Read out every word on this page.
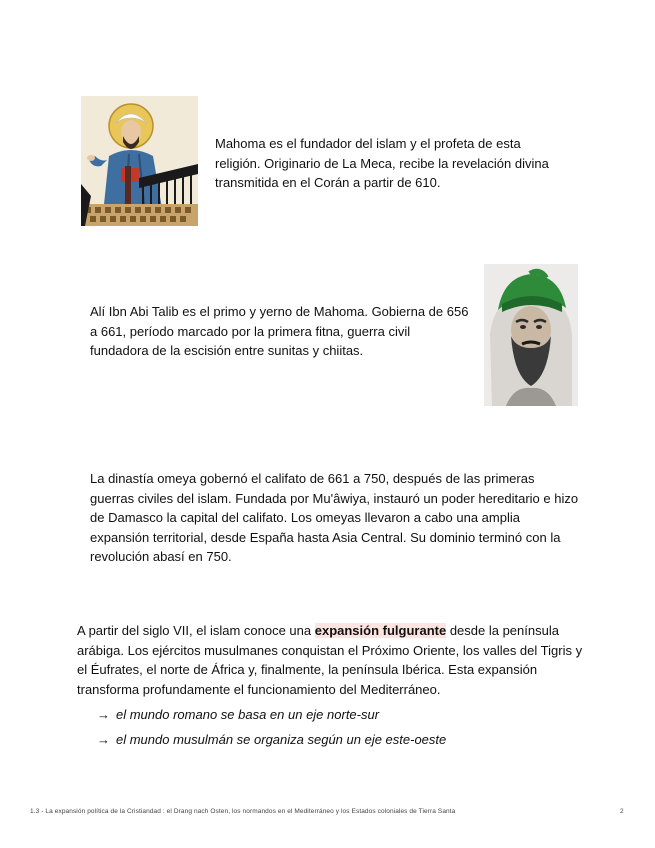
Mahoma es el fundador del islam y el profeta de esta religión. Originario de La Meca, recibe la revelación divina transmitida en el Corán a partir de 610.

Alí Ibn Abi Talib es el primo y yerno de Mahoma. Gobierna de 656 a 661, período marcado por la primera fitna, guerra civil fundadora de la escisión entre sunitas y chiitas.

La dinastía omeya gobernó el califato de 661 a 750, después de las primeras guerras civiles del islam. Fundada por Mu'âwiya, instauró un poder hereditario e hizo de Damasco la capital del califato. Los omeyas llevaron a cabo una amplia expansión territorial, desde España hasta Asia Central. Su dominio terminó con la revolución abasí en 750.

A partir del siglo VII, el islam conoce una expansión fulgurante desde la península arábiga. Los ejércitos musulmanes conquistan el Próximo Oriente, los valles del Tigris y el Éufrates, el norte de África y, finalmente, la península Ibérica. Esta expansión transforma profundamente el funcionamiento del Mediterráneo.

→ el mundo romano se basa en un eje norte-sur
→ el mundo musulmán se organiza según un eje este-oeste
1.3 - La expansión política de la Cristiandad : el Drang nach Osten, los normandos en el Mediterráneo y los Estados coloniales de Tierra Santa	2
